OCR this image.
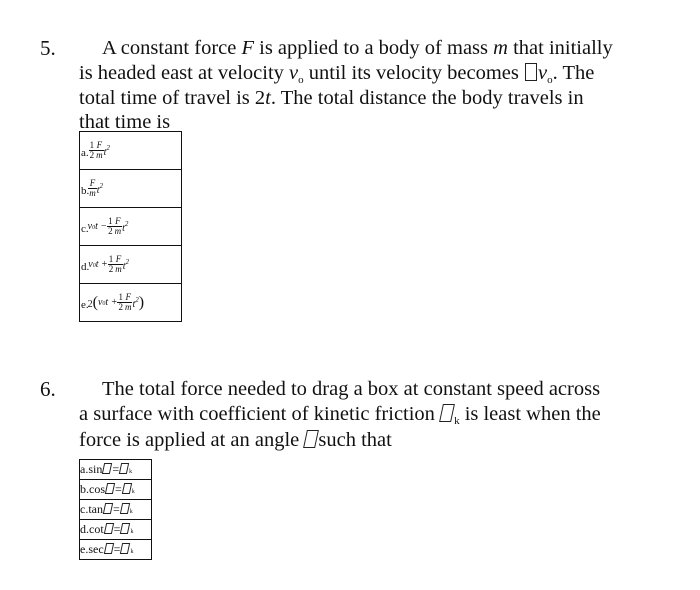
5. A constant force F is applied to a body of mass m that initially
is headed east at velocity $v_o$ until its velocity becomes $v_o$. The
total time of travel is 2t. The total distance the body travels in
that time is
a. $\frac{1}{2} \frac{F}{m} t^2$

b. $\frac{F}{m} t^2$

c. $v0t - \frac{1}{2} \frac{F}{m} t^2$

d. $v0t + \frac{1}{2} \frac{F}{m} t^2$

e. 2( $v0t + \frac{1}{2} \frac{F}{m} t^2$ )
6. The total force needed to drag a box at constant speed across
a surface with coefficient of kinetic friction $_k$ is least when the
force is applied at an angle such that
a.sin = k
b.cos = k
c.tan = k
d.cot = k
e.sec = k
